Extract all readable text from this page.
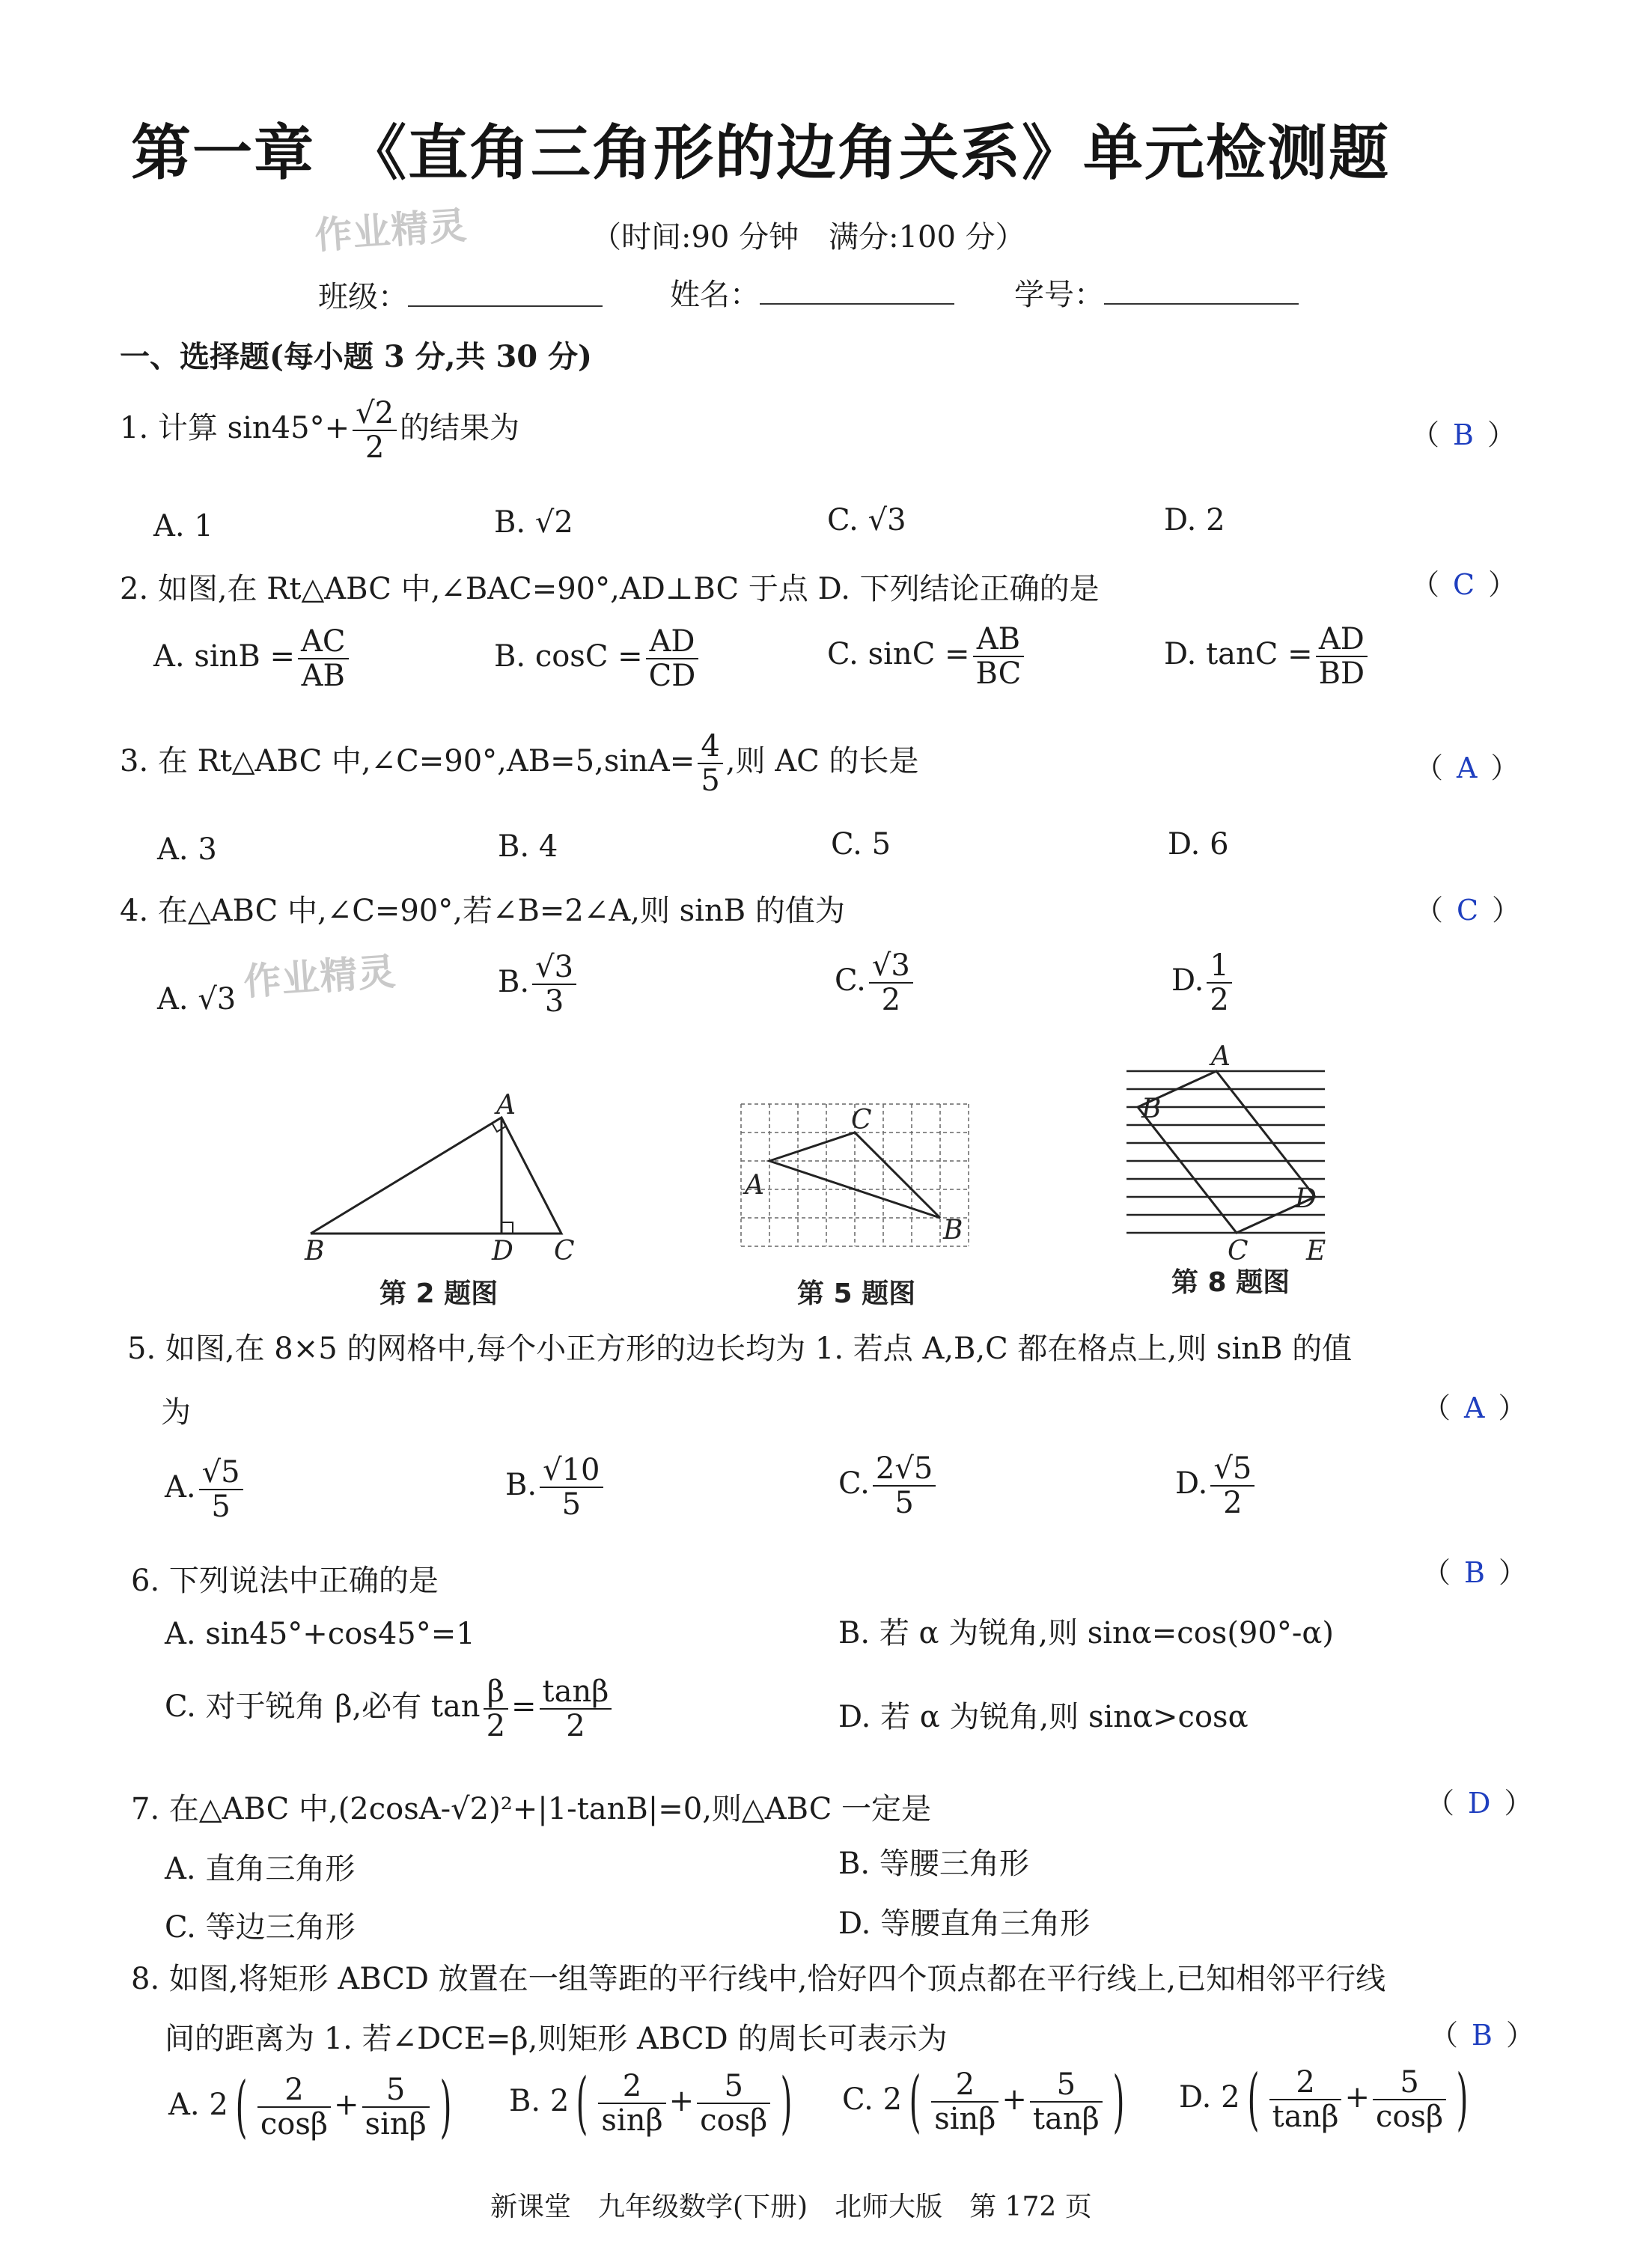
第一章　《直角三角形的边角关系》单元检测题
作业精灵
作业精灵
（时间:90 分钟　满分:100 分）
班级：	姓名：	学号：
一、选择题(每小题 3 分,共 30 分)
1. 计算 $\sin 45^\circ+ \frac{√2}{2}$ 的结果为	（ B ）
A. 1	B. √2	C. √3	D. 2
2. 如图,在 Rt△ABC 中,∠BAC=90°,AD⊥BC 于点 D. 下列结论正确的是	（ C ）
A. $\sin B = \frac{AC}{AB}$	B. $\cos C = \frac{AD}{CD}$	C. $\sin C = \frac{AB}{BC}$	D. $\tan C = \frac{AD}{BD}$
3. 在 Rt△ABC 中,∠C=90°,AB=5,sinA= $\frac{4}{5}$ ,则 AC 的长是	（ A ）
A. 3	B. 4	C. 5	D. 6
4. 在△ABC 中,∠C=90°,若∠B=2∠A,则 sinB 的值为	（ C ）
A. √3	B. $\frac{√3}{3}$	C. $\frac{√3}{2}$	D. $\frac{1}{2}$
A
B	D C
第 2 题图
A
C
B
第 5 题图
A
B
D
C E
第 8 题图
5. 如图,在 8×5 的网格中,每个小正方形的边长均为 1. 若点 A,B,C 都在格点上,则 sinB 的值
为	（ A ）
A. $\frac{√5}{5}$	B. $\frac{√10}{5}$	C. $\frac{2√5}{5}$	D. $\frac{√5}{2}$
6. 下列说法中正确的是	（ B ）
A. sin45°+cos45°=1	B. 若 α 为锐角,则 sinα=cos(90°-α)
C. 对于锐角 β,必有 $\tan \frac{\beta}{2} = \frac{\tan\beta}{2}$	D. 若 α 为锐角,则 sinα>cosα
7. 在△ABC 中,(2cosA-√2)²+|1-tanB|=0,则△ABC 一定是	（ D ）
A. 直角三角形	B. 等腰三角形
C. 等边三角形	D. 等腰直角三角形
8. 如图,将矩形 ABCD 放置在一组等距的平行线中,恰好四个顶点都在平行线上,已知相邻平行线
间的距离为 1. 若∠DCE=β,则矩形 ABCD 的周长可表示为	（ B ）
A. 2 ( $\frac{2}{\cos\beta} + \frac{5}{\sin\beta}$ ) B. 2 ( $\frac{2}{\sin\beta} + \frac{5}{\cos\beta}$ ) C. 2 ( $\frac{2}{\sin\beta} + \frac{5}{\tan\beta}$ ) D. 2 ( $\frac{2}{\tan\beta} + \frac{5}{\cos\beta}$ )
新课堂　九年级数学(下册)　北师大版　第 172 页
